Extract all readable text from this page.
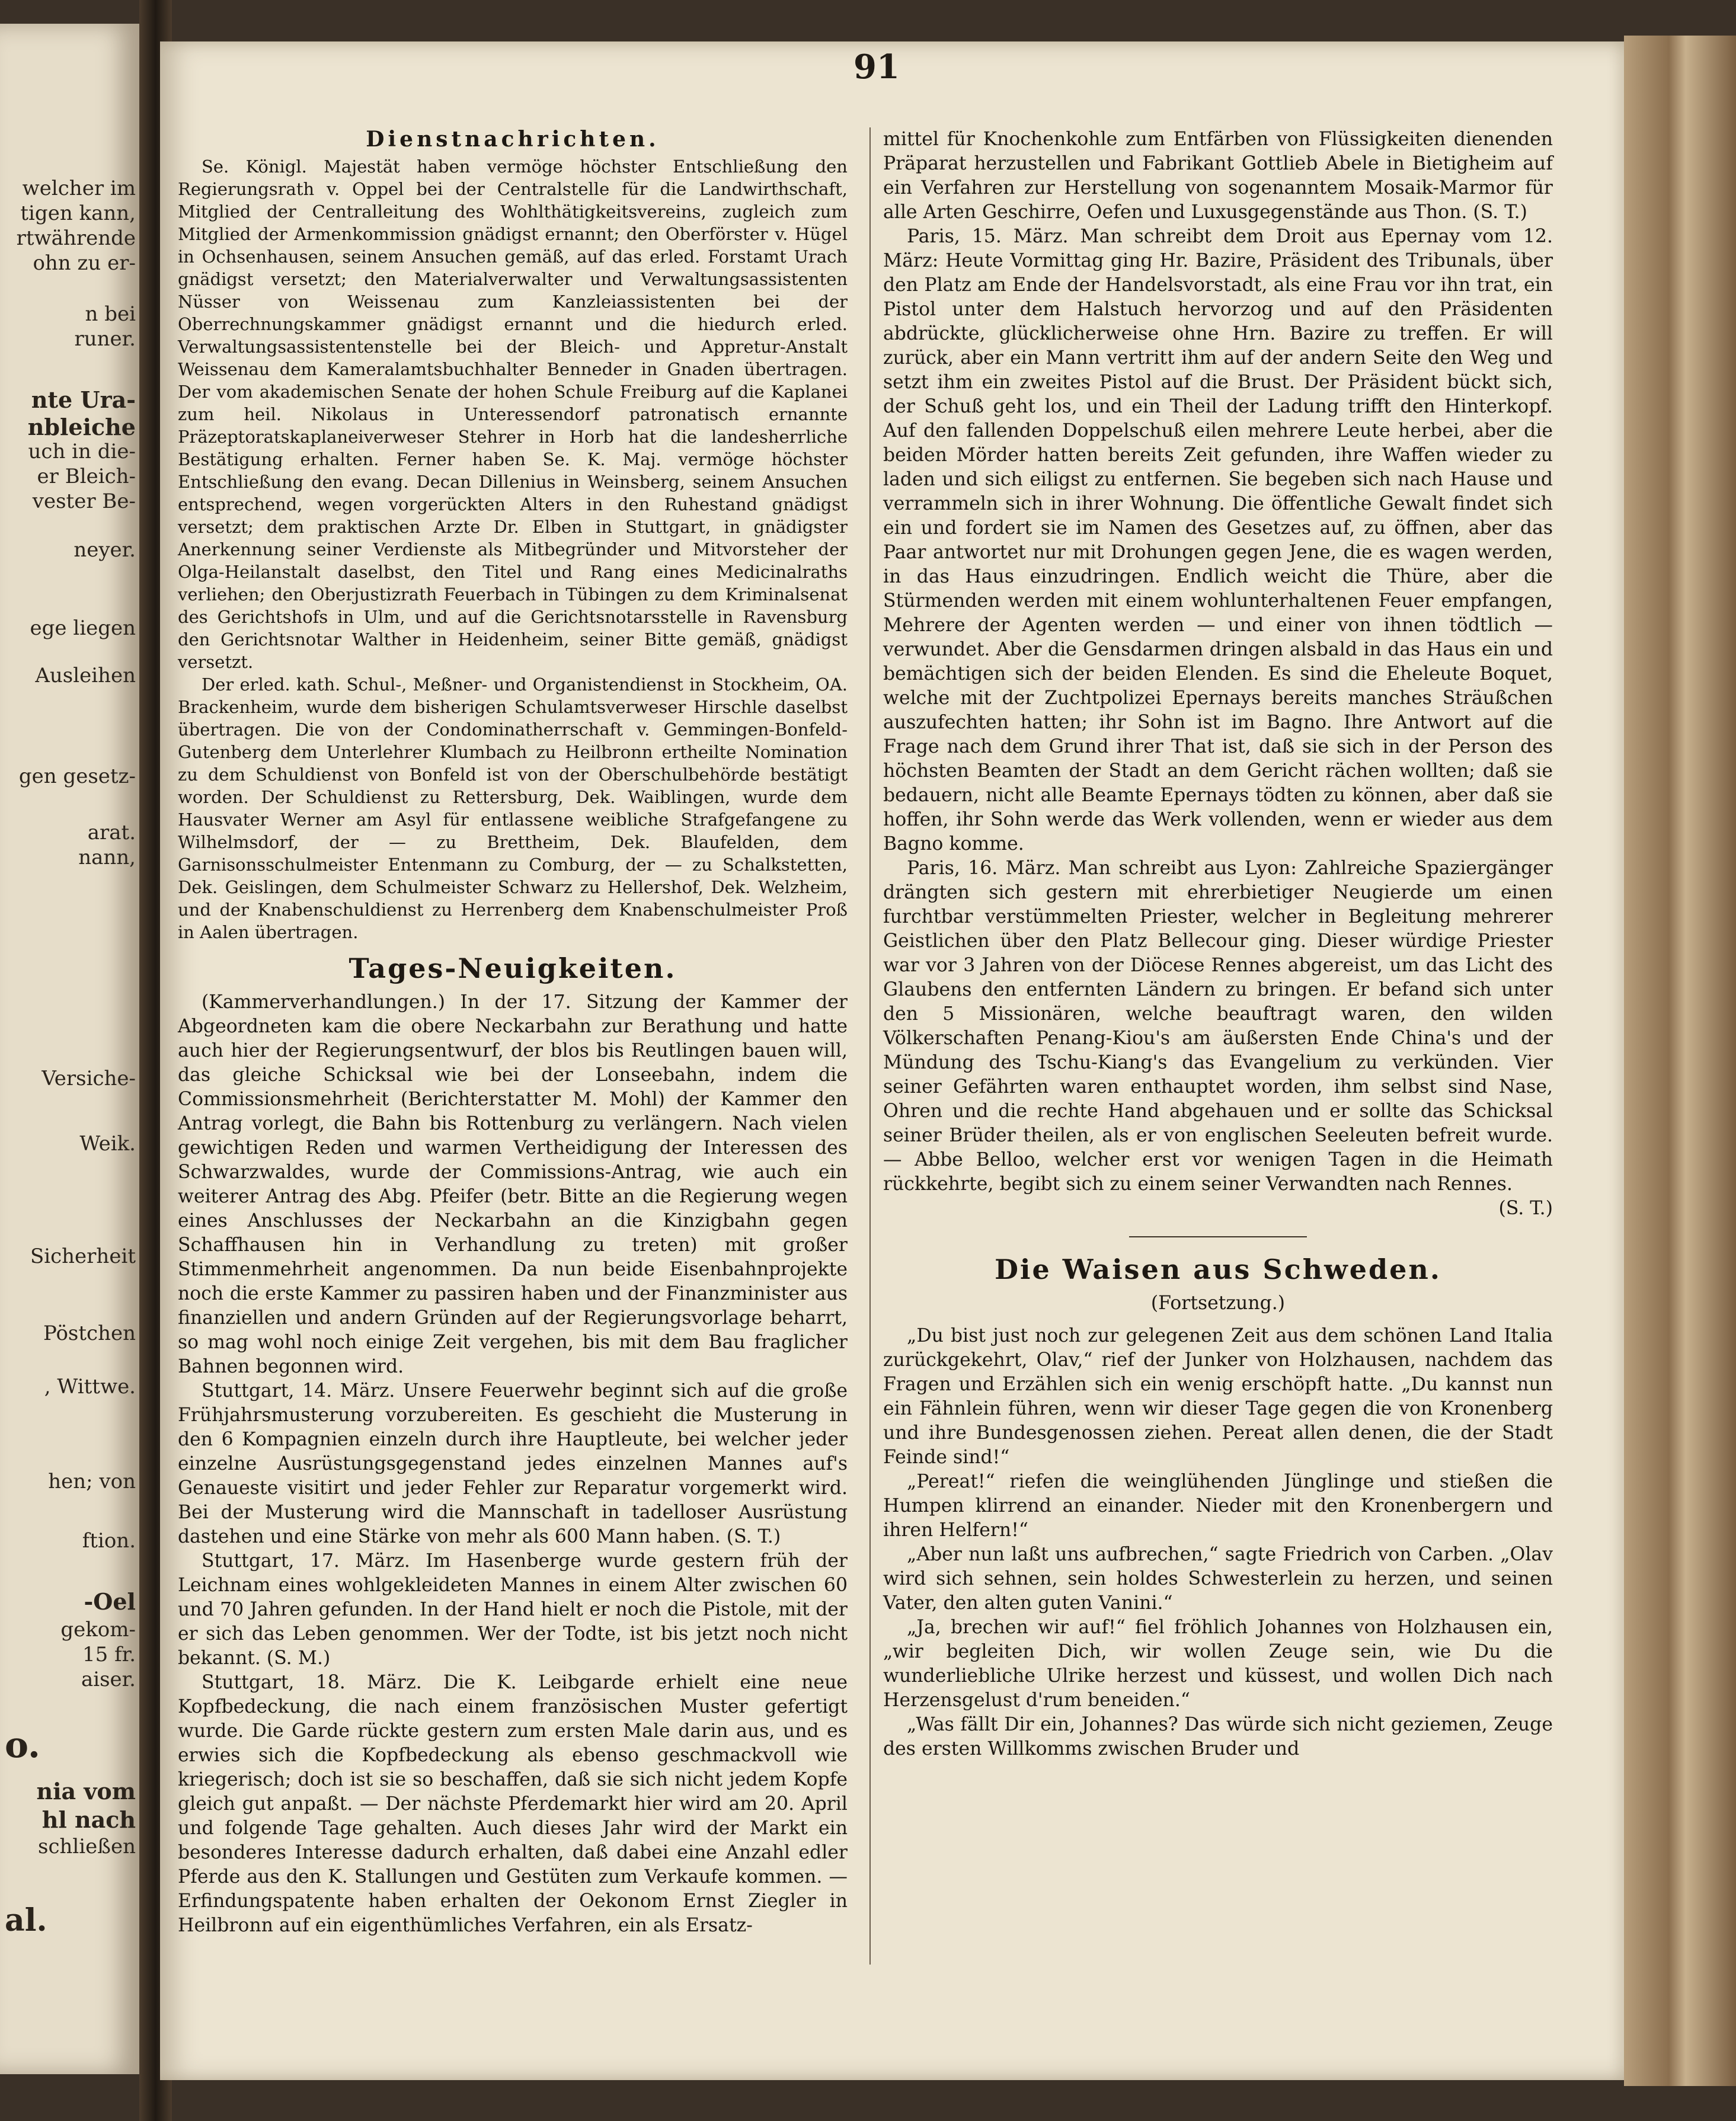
welcher im
tigen kann,
rtwährende
ohn zu er-
n bei
runer.
nte Ura-
nbleiche
uch in die-
er Bleich-
vester Be-
neyer.
ege liegen
Ausleihen
gen gesetz-
arat.
nann,
Versiche-
Weik.
Sicherheit
Pöstchen
, Wittwe.
hen; von
ftion.
-Oel
gekom-
15 fr.
aiser.
o.
nia vom
hl nach
schließen
al.
91
Dienstnachrichten.

Se. Königl. Majestät haben vermöge höchster Entschließung den Regierungsrath v. Oppel bei der Centralstelle für die Landwirthschaft, Mitglied der Centralleitung des Wohlthätigkeitsvereins, zugleich zum Mitglied der Armenkommission gnädigst ernannt; den Oberförster v. Hügel in Ochsenhausen, seinem Ansuchen gemäß, auf das erled. Forstamt Urach gnädigst versetzt; den Materialverwalter und Verwaltungsassistenten Nüsser von Weissenau zum Kanzleiassistenten bei der Oberrechnungskammer gnädigst ernannt und die hiedurch erled. Verwaltungsassistentenstelle bei der Bleich- und Appretur-Anstalt Weissenau dem Kameralamtsbuchhalter Benneder in Gnaden übertragen. Der vom akademischen Senate der hohen Schule Freiburg auf die Kaplanei zum heil. Nikolaus in Unteressendorf patronatisch ernannte Präzeptoratskaplaneiverweser Stehrer in Horb hat die landesherrliche Bestätigung erhalten. Ferner haben Se. K. Maj. vermöge höchster Entschließung den evang. Decan Dillenius in Weinsberg, seinem Ansuchen entsprechend, wegen vorgerückten Alters in den Ruhestand gnädigst versetzt; dem praktischen Arzte Dr. Elben in Stuttgart, in gnädigster Anerkennung seiner Verdienste als Mitbegründer und Mitvorsteher der Olga-Heilanstalt daselbst, den Titel und Rang eines Medicinalraths verliehen; den Oberjustizrath Feuerbach in Tübingen zu dem Kriminalsenat des Gerichtshofs in Ulm, und auf die Gerichtsnotarsstelle in Ravensburg den Gerichtsnotar Walther in Heidenheim, seiner Bitte gemäß, gnädigst versetzt.

Der erled. kath. Schul-, Meßner- und Organistendienst in Stockheim, OA. Brackenheim, wurde dem bisherigen Schulamtsverweser Hirschle daselbst übertragen. Die von der Condominatherrschaft v. Gemmingen-Bonfeld-Gutenberg dem Unterlehrer Klumbach zu Heilbronn ertheilte Nomination zu dem Schuldienst von Bonfeld ist von der Oberschulbehörde bestätigt worden. Der Schuldienst zu Rettersburg, Dek. Waiblingen, wurde dem Hausvater Werner am Asyl für entlassene weibliche Strafgefangene zu Wilhelmsdorf, der — zu Brettheim, Dek. Blaufelden, dem Garnisonsschulmeister Entenmann zu Comburg, der — zu Schalkstetten, Dek. Geislingen, dem Schulmeister Schwarz zu Hellershof, Dek. Welzheim, und der Knabenschuldienst zu Herrenberg dem Knabenschulmeister Proß in Aalen übertragen.

Tages-Neuigkeiten.

(Kammerverhandlungen.) In der 17. Sitzung der Kammer der Abgeordneten kam die obere Neckarbahn zur Berathung und hatte auch hier der Regierungsentwurf, der blos bis Reutlingen bauen will, das gleiche Schicksal wie bei der Lonseebahn, indem die Commissionsmehrheit (Berichterstatter M. Mohl) der Kammer den Antrag vorlegt, die Bahn bis Rottenburg zu verlängern. Nach vielen gewichtigen Reden und warmen Vertheidigung der Interessen des Schwarzwaldes, wurde der Commissions-Antrag, wie auch ein weiterer Antrag des Abg. Pfeifer (betr. Bitte an die Regierung wegen eines Anschlusses der Neckarbahn an die Kinzigbahn gegen Schaffhausen hin in Verhandlung zu treten) mit großer Stimmenmehrheit angenommen. Da nun beide Eisenbahnprojekte noch die erste Kammer zu passiren haben und der Finanzminister aus finanziellen und andern Gründen auf der Regierungsvorlage beharrt, so mag wohl noch einige Zeit vergehen, bis mit dem Bau fraglicher Bahnen begonnen wird.

Stuttgart, 14. März. Unsere Feuerwehr beginnt sich auf die große Frühjahrsmusterung vorzubereiten. Es geschieht die Musterung in den 6 Kompagnien einzeln durch ihre Hauptleute, bei welcher jeder einzelne Ausrüstungsgegenstand jedes einzelnen Mannes auf's Genaueste visitirt und jeder Fehler zur Reparatur vorgemerkt wird. Bei der Musterung wird die Mannschaft in tadelloser Ausrüstung dastehen und eine Stärke von mehr als 600 Mann haben. (S. T.)

Stuttgart, 17. März. Im Hasenberge wurde gestern früh der Leichnam eines wohlgekleideten Mannes in einem Alter zwischen 60 und 70 Jahren gefunden. In der Hand hielt er noch die Pistole, mit der er sich das Leben genommen. Wer der Todte, ist bis jetzt noch nicht bekannt. (S. M.)

Stuttgart, 18. März. Die K. Leibgarde erhielt eine neue Kopfbedeckung, die nach einem französischen Muster gefertigt wurde. Die Garde rückte gestern zum ersten Male darin aus, und es erwies sich die Kopfbedeckung als ebenso geschmackvoll wie kriegerisch; doch ist sie so beschaffen, daß sie sich nicht jedem Kopfe gleich gut anpaßt. — Der nächste Pferdemarkt hier wird am 20. April und folgende Tage gehalten. Auch dieses Jahr wird der Markt ein besonderes Interesse dadurch erhalten, daß dabei eine Anzahl edler Pferde aus den K. Stallungen und Gestüten zum Verkaufe kommen. — Erfindungspatente haben erhalten der Oekonom Ernst Ziegler in Heilbronn auf ein eigenthümliches Verfahren, ein als Ersatz-

mittel für Knochenkohle zum Entfärben von Flüssigkeiten dienenden Präparat herzustellen und Fabrikant Gottlieb Abele in Bietigheim auf ein Verfahren zur Herstellung von sogenanntem Mosaik-Marmor für alle Arten Geschirre, Oefen und Luxusgegenstände aus Thon. (S. T.)

Paris, 15. März. Man schreibt dem Droit aus Epernay vom 12. März: Heute Vormittag ging Hr. Bazire, Präsident des Tribunals, über den Platz am Ende der Handelsvorstadt, als eine Frau vor ihn trat, ein Pistol unter dem Halstuch hervorzog und auf den Präsidenten abdrückte, glücklicherweise ohne Hrn. Bazire zu treffen. Er will zurück, aber ein Mann vertritt ihm auf der andern Seite den Weg und setzt ihm ein zweites Pistol auf die Brust. Der Präsident bückt sich, der Schuß geht los, und ein Theil der Ladung trifft den Hinterkopf. Auf den fallenden Doppelschuß eilen mehrere Leute herbei, aber die beiden Mörder hatten bereits Zeit gefunden, ihre Waffen wieder zu laden und sich eiligst zu entfernen. Sie begeben sich nach Hause und verrammeln sich in ihrer Wohnung. Die öffentliche Gewalt findet sich ein und fordert sie im Namen des Gesetzes auf, zu öffnen, aber das Paar antwortet nur mit Drohungen gegen Jene, die es wagen werden, in das Haus einzudringen. Endlich weicht die Thüre, aber die Stürmenden werden mit einem wohlunterhaltenen Feuer empfangen, Mehrere der Agenten werden — und einer von ihnen tödtlich — verwundet. Aber die Gensdarmen dringen alsbald in das Haus ein und bemächtigen sich der beiden Elenden. Es sind die Eheleute Boquet, welche mit der Zuchtpolizei Epernays bereits manches Sträußchen auszufechten hatten; ihr Sohn ist im Bagno. Ihre Antwort auf die Frage nach dem Grund ihrer That ist, daß sie sich in der Person des höchsten Beamten der Stadt an dem Gericht rächen wollten; daß sie bedauern, nicht alle Beamte Epernays tödten zu können, aber daß sie hoffen, ihr Sohn werde das Werk vollenden, wenn er wieder aus dem Bagno komme.

Paris, 16. März. Man schreibt aus Lyon: Zahlreiche Spaziergänger drängten sich gestern mit ehrerbietiger Neugierde um einen furchtbar verstümmelten Priester, welcher in Begleitung mehrerer Geistlichen über den Platz Bellecour ging. Dieser würdige Priester war vor 3 Jahren von der Diöcese Rennes abgereist, um das Licht des Glaubens den entfernten Ländern zu bringen. Er befand sich unter den 5 Missionären, welche beauftragt waren, den wilden Völkerschaften Penang-Kiou's am äußersten Ende China's und der Mündung des Tschu-Kiang's das Evangelium zu verkünden. Vier seiner Gefährten waren enthauptet worden, ihm selbst sind Nase, Ohren und die rechte Hand abgehauen und er sollte das Schicksal seiner Brüder theilen, als er von englischen Seeleuten befreit wurde. — Abbe Belloo, welcher erst vor wenigen Tagen in die Heimath rückkehrte, begibt sich zu einem seiner Verwandten nach Rennes.

(S. T.)
Die Waisen aus Schweden.
(Fortsetzung.)

„Du bist just noch zur gelegenen Zeit aus dem schönen Land Italia zurückgekehrt, Olav,“ rief der Junker von Holzhausen, nachdem das Fragen und Erzählen sich ein wenig erschöpft hatte. „Du kannst nun ein Fähnlein führen, wenn wir dieser Tage gegen die von Kronenberg und ihre Bundesgenossen ziehen. Pereat allen denen, die der Stadt Feinde sind!“

„Pereat!“ riefen die weinglühenden Jünglinge und stießen die Humpen klirrend an einander. Nieder mit den Kronenbergern und ihren Helfern!“

„Aber nun laßt uns aufbrechen,“ sagte Friedrich von Carben. „Olav wird sich sehnen, sein holdes Schwesterlein zu herzen, und seinen Vater, den alten guten Vanini.“

„Ja, brechen wir auf!“ fiel fröhlich Johannes von Holzhausen ein, „wir begleiten Dich, wir wollen Zeuge sein, wie Du die wunderliebliche Ulrike herzest und küssest, und wollen Dich nach Herzensgelust d'rum beneiden.“

„Was fällt Dir ein, Johannes? Das würde sich nicht geziemen, Zeuge des ersten Willkomms zwischen Bruder und
